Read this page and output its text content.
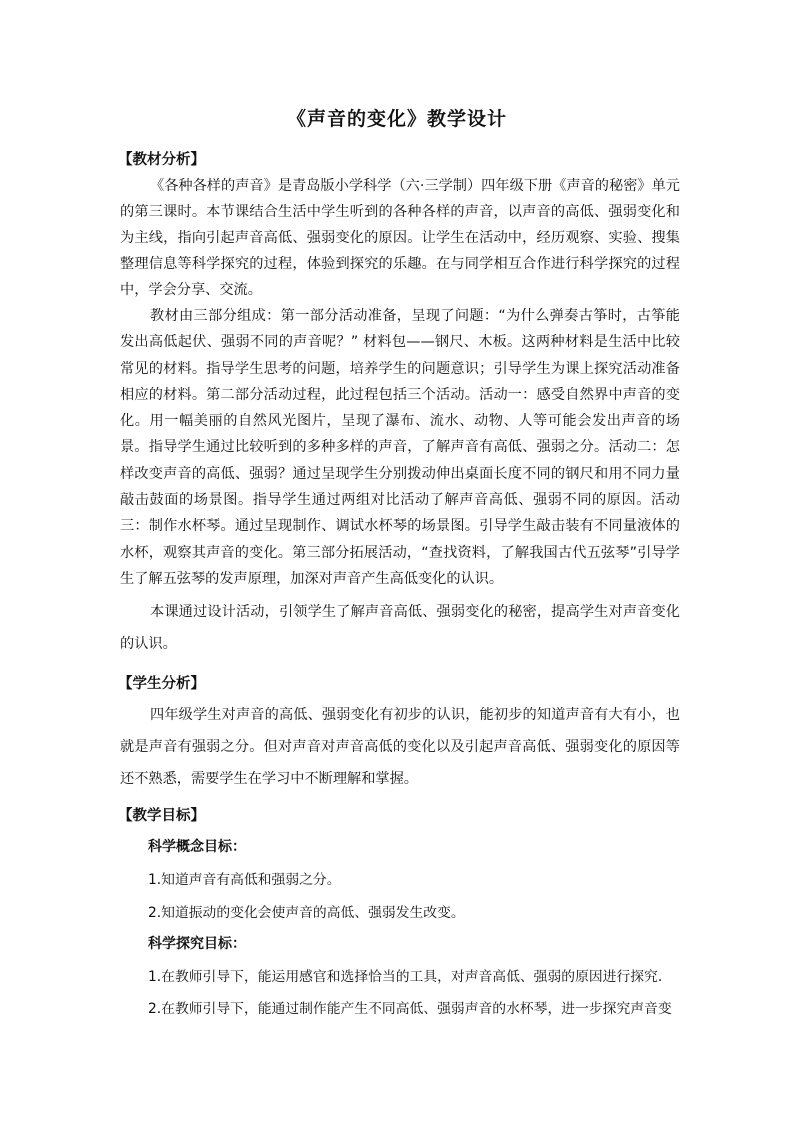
《声音的变化》教学设计
【教材分析】
《各种各样的声音》是青岛版小学科学（六·三学制）四年级下册《声音的秘密》单元的第三课时。本节课结合生活中学生听到的各种各样的声音，以声音的高低、强弱变化和为主线，指向引起声音高低、强弱变化的原因。让学生在活动中，经历观察、实验、搜集整理信息等科学探究的过程，体验到探究的乐趣。在与同学相互合作进行科学探究的过程中，学会分享、交流。
教材由三部分组成：第一部分活动准备，呈现了问题：“为什么弹奏古筝时，古筝能发出高低起伏、强弱不同的声音呢？” 材料包——钢尺、木板。这两种材料是生活中比较常见的材料。指导学生思考的问题，培养学生的问题意识；引导学生为课上探究活动准备相应的材料。第二部分活动过程，此过程包括三个活动。活动一：感受自然界中声音的变化。用一幅美丽的自然风光图片，呈现了瀑布、流水、动物、人等可能会发出声音的场景。指导学生通过比较听到的多种多样的声音，了解声音有高低、强弱之分。活动二：怎样改变声音的高低、强弱？通过呈现学生分别拨动伸出桌面长度不同的钢尺和用不同力量敲击鼓面的场景图。指导学生通过两组对比活动了解声音高低、强弱不同的原因。活动三：制作水杯琴。通过呈现制作、调试水杯琴的场景图。引导学生敲击装有不同量液体的水杯，观察其声音的变化。第三部分拓展活动，“查找资料，了解我国古代五弦琴”引导学生了解五弦琴的发声原理，加深对声音产生高低变化的认识。
本课通过设计活动，引领学生了解声音高低、强弱变化的秘密，提高学生对声音变化的认识。
【学生分析】
四年级学生对声音的高低、强弱变化有初步的认识，能初步的知道声音有大有小，也就是声音有强弱之分。但对声音对声音高低的变化以及引起声音高低、强弱变化的原因等还不熟悉，需要学生在学习中不断理解和掌握。
【教学目标】
科学概念目标：
1.知道声音有高低和强弱之分。
2.知道振动的变化会使声音的高低、强弱发生改变。
科学探究目标：
1.在教师引导下，能运用感官和选择恰当的工具，对声音高低、强弱的原因进行探究.
2.在教师引导下，能通过制作能产生不同高低、强弱声音的水杯琴，进一步探究声音变
